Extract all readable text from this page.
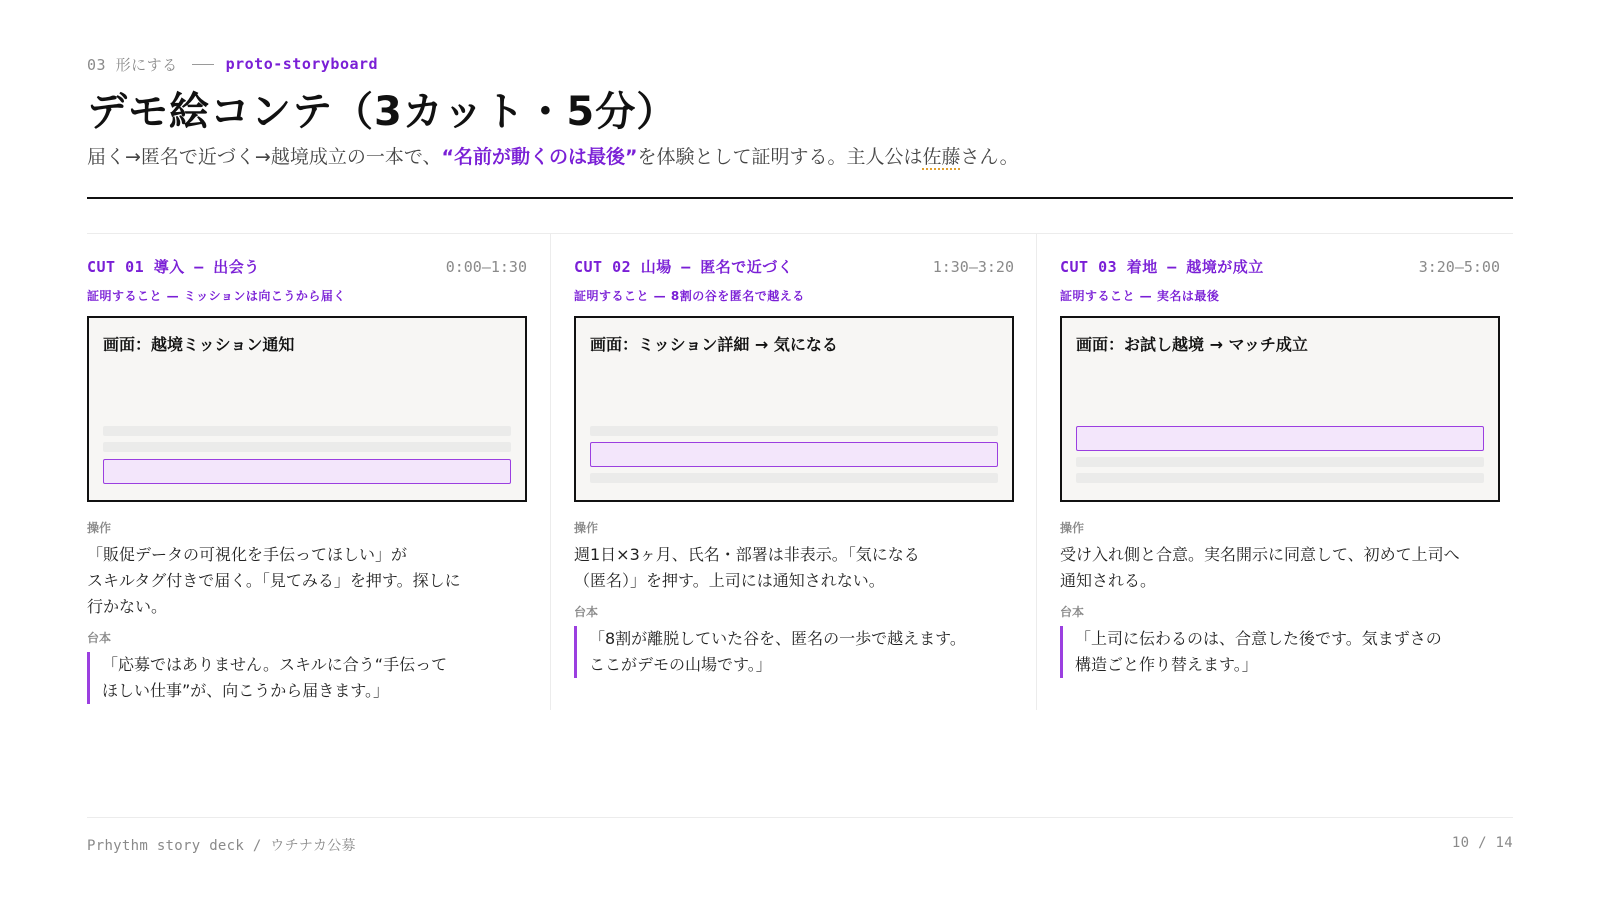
03 形にする	proto-storyboard
デモ絵コンテ（3カット・5分）

届く→匿名で近づく→越境成立の一本で、“名前が動くのは最後”を体験として証明する。主人公は佐藤さん。

CUT 01 導入 — 出会う	0:00–1:30
証明すること — ミッションは向こうから届く
画面：越境ミッション通知
操作
「販促データの可視化を手伝ってほしい」が
スキルタグ付きで届く。「見てみる」を押す。探しに
行かない。
台本
「応募ではありません。スキルに合う“手伝って
ほしい仕事”が、向こうから届きます。」
CUT 02 山場 — 匿名で近づく	1:30–3:20
証明すること — 8割の谷を匿名で越える
画面：ミッション詳細 → 気になる
操作
週1日×3ヶ月、氏名・部署は非表示。「気になる
（匿名）」を押す。上司には通知されない。
台本
「8割が離脱していた谷を、匿名の一歩で越えます。
ここがデモの山場です。」
CUT 03 着地 — 越境が成立	3:20–5:00
証明すること — 実名は最後
画面：お試し越境 → マッチ成立
操作
受け入れ側と合意。実名開示に同意して、初めて上司へ
通知される。
台本
「上司に伝わるのは、合意した後です。気まずさの
構造ごと作り替えます。」
Prhythm story deck / ウチナカ公募	10 / 14
